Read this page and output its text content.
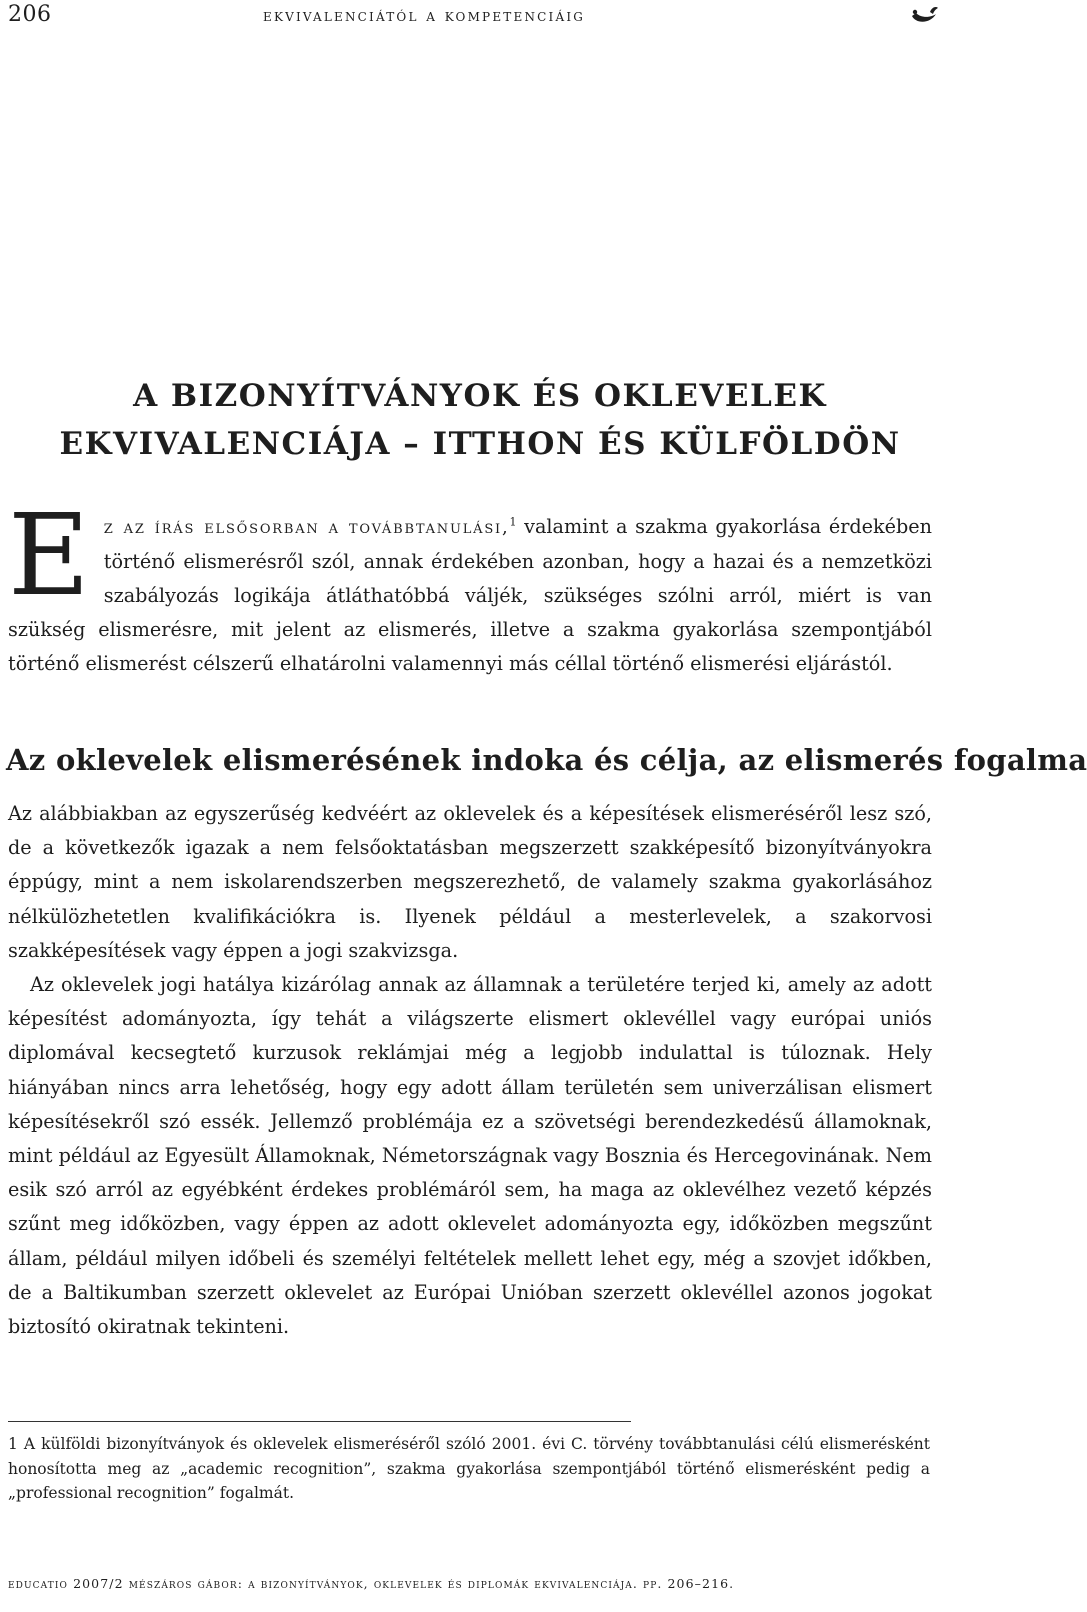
206	ekvivalenciától a kompetenciáig
A BIZONYÍTVÁNYOK ÉS OKLEVELEK
EKVIVALENCIÁJA – ITTHON ÉS KÜLFÖLDÖN

Ez az írás elsősorban a továbbtanulási,$^1$ valamint a szakma gyakorlása érdekében történő elismerésről szól, annak érdekében azonban, hogy a hazai és a nemzetközi szabályozás logikája átláthatóbbá váljék, szükséges szólni arról, miért is van szükség elismerésre, mit jelent az elismerés, illetve a szakma gyakorlása szempontjából történő elismerést célszerű elhatárolni valamennyi más céllal történő elismerési eljárástól.

Az oklevelek elismerésének indoka és célja, az elismerés fogalma

Az alábbiakban az egyszerűség kedvéért az oklevelek és a képesítések elismeréséről lesz szó, de a következők igazak a nem felsőoktatásban megszerzett szakképesítő bizonyítványokra éppúgy, mint a nem iskolarendszerben megszerezhető, de valamely szakma gyakorlásához nélkülözhetetlen kvalifikációkra is. Ilyenek például a mesterlevelek, a szakorvosi szakképesítések vagy éppen a jogi szakvizsga.

Az oklevelek jogi hatálya kizárólag annak az államnak a területére terjed ki, amely az adott képesítést adományozta, így tehát a világszerte elismert oklevéllel vagy európai uniós diplomával kecsegtető kurzusok reklámjai még a legjobb indulattal is túloznak. Hely hiányában nincs arra lehetőség, hogy egy adott állam területén sem univerzálisan elismert képesítésekről szó essék. Jellemző problémája ez a szövetségi berendezkedésű államoknak, mint például az Egyesült Államoknak, Németországnak vagy Bosznia és Hercegovinának. Nem esik szó arról az egyébként érdekes problémáról sem, ha maga az oklevélhez vezető képzés szűnt meg időközben, vagy éppen az adott oklevelet adományozta egy, időközben megszűnt állam, például milyen időbeli és személyi feltételek mellett lehet egy, még a szovjet időkben, de a Baltikumban szerzett oklevelet az Európai Unióban szerzett oklevéllel azonos jogokat biztosító okiratnak tekinteni.

1 A külföldi bizonyítványok és oklevelek elismeréséről szóló 2001. évi C. törvény továbbtanulási célú elismerésként honosította meg az „academic recognition”, szakma gyakorlása szempontjából történő elismerésként pedig a „professional recognition” fogalmát.
educatio 2007/2 mészáros gábor: a bizonyítványok, oklevelek és diplomák ekvivalenciája. pp. 206–216.
